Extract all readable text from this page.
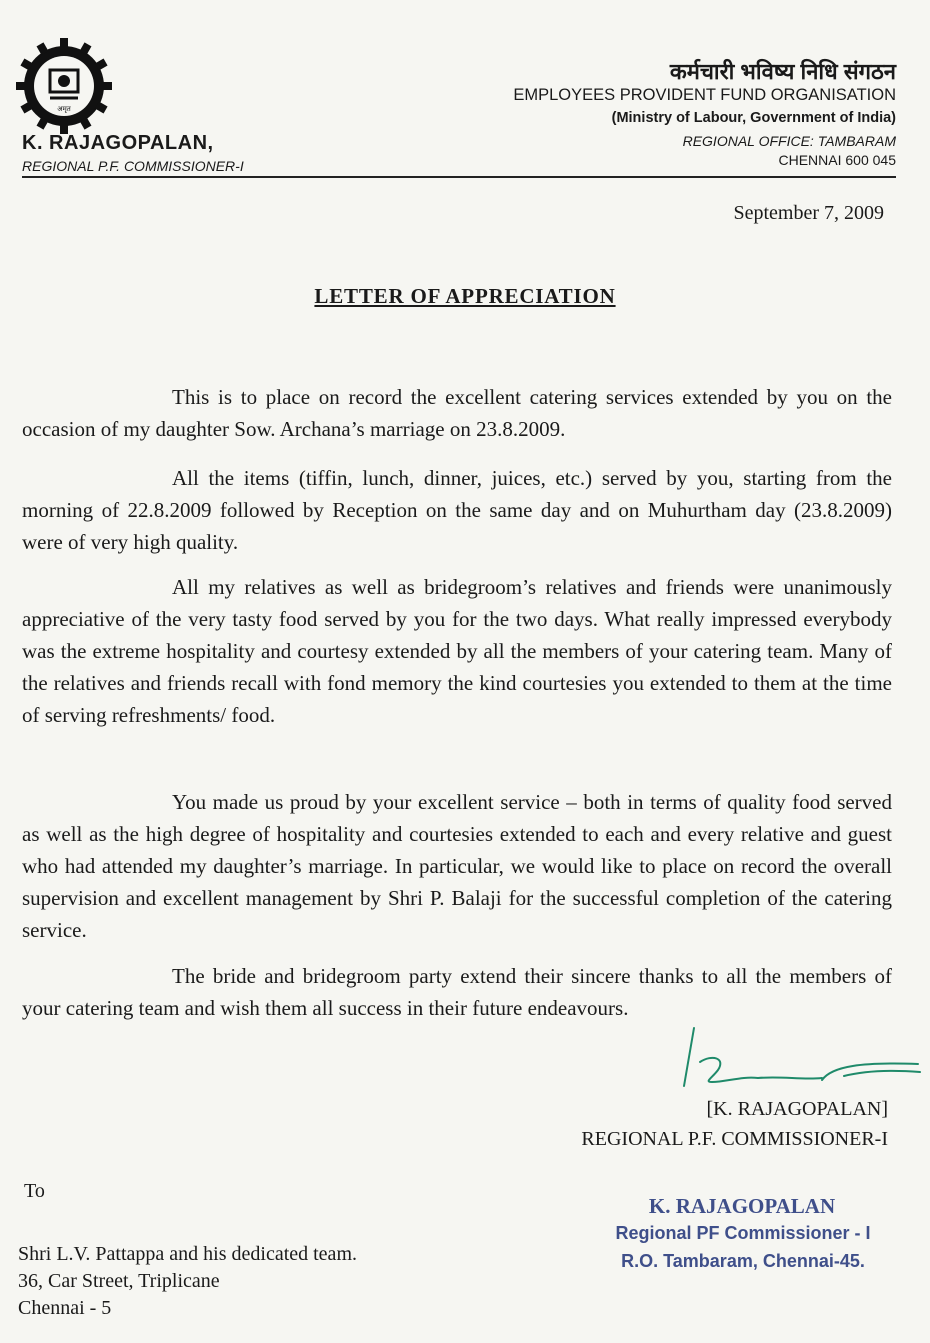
अमृत
कर्मचारी भविष्य निधि संगठन
EMPLOYEES PROVIDENT FUND ORGANISATION
(Ministry of Labour, Government of India)
REGIONAL OFFICE: TAMBARAM
CHENNAI 600 045
K. RAJAGOPALAN,
REGIONAL P.F. COMMISSIONER-I
September 7, 2009
LETTER OF APPRECIATION
This is to place on record the excellent catering services extended by you on the occasion of my daughter Sow. Archana’s marriage on 23.8.2009.
All the items (tiffin, lunch, dinner, juices, etc.) served by you, starting from the morning of 22.8.2009 followed by Reception on the same day and on Muhurtham day (23.8.2009) were of very high quality.
All my relatives as well as bridegroom’s relatives and friends were unanimously appreciative of the very tasty food served by you for the two days. What really impressed everybody was the extreme hospitality and courtesy extended by all the members of your catering team. Many of the relatives and friends recall with fond memory the kind courtesies you extended to them at the time of serving refreshments/ food.
You made us proud by your excellent service – both in terms of quality food served as well as the high degree of hospitality and courtesies extended to each and every relative and guest who had attended my daughter’s marriage. In particular, we would like to place on record the overall supervision and excellent management by Shri P. Balaji for the successful completion of the catering service.
The bride and bridegroom party extend their sincere thanks to all the members of your catering team and wish them all success in their future endeavours.
[K. RAJAGOPALAN]
REGIONAL P.F. COMMISSIONER-I
To
Shri L.V. Pattappa and his dedicated team.
36, Car Street, Triplicane
Chennai - 5
K. RAJAGOPALAN
Regional PF Commissioner - I
R.O. Tambaram, Chennai-45.
